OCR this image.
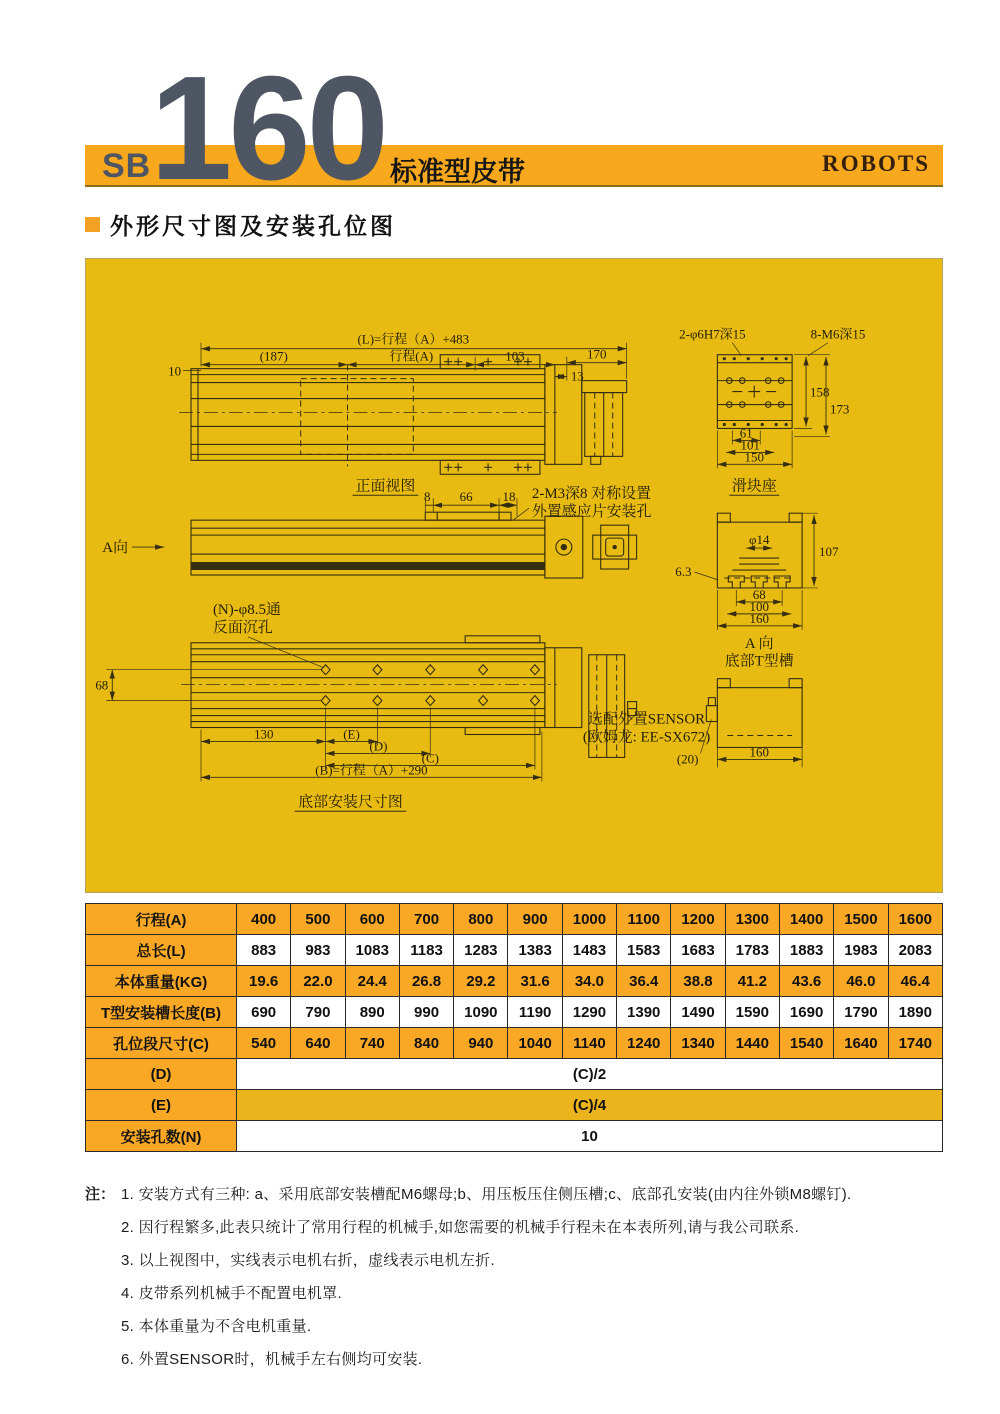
160
SB	标准型皮带	ROBOTS
外形尺寸图及安装孔位图
(L)=行程（A）+483
(187)	行程(A)	103	170
13
10
正面视图
2-φ6H7深15	8-M6深15
158
173
61
101
150
滑块座
A向
8 66 18 2-M3深8 对称设置
外置感应片安装孔
φ14
107
6.3
68
100
160
A 向
底部T型槽
(N)-φ8.5通
反面沉孔
68
130	(E)
(D)
(C)
(B)=行程（A）+290
底部安装尺寸图
选配外置SENSOR
(欧姆龙: EE-SX672)
(20)	160
行程(A)	400	500	600	700	800	900	1000	1100	1200	1300	1400	1500	1600
总长(L)	883	983	1083	1183	1283	1383	1483	1583	1683	1783	1883	1983	2083
本体重量(KG)	19.6	22.0	24.4	26.8	29.2	31.6	34.0	36.4	38.8	41.2	43.6	46.0	46.4
T型安装槽长度(B)	690	790	890	990	1090	1190	1290	1390	1490	1590	1690	1790	1890
孔位段尺寸(C)	540	640	740	840	940	1040	1140	1240	1340	1440	1540	1640	1740
(D)	(C)/2												
(E)	(C)/4												
安装孔数(N)	10												
注： 1. 安装方式有三种: a、采用底部安装槽配M6螺母;b、用压板压住侧压槽;c、底部孔安装(由内往外锁M8螺钉).
2. 因行程繁多,此表只统计了常用行程的机械手,如您需要的机械手行程未在本表所列,请与我公司联系.
3. 以上视图中，实线表示电机右折，虚线表示电机左折.
4. 皮带系列机械手不配置电机罩.
5. 本体重量为不含电机重量.
6. 外置SENSOR时，机械手左右侧均可安装.
